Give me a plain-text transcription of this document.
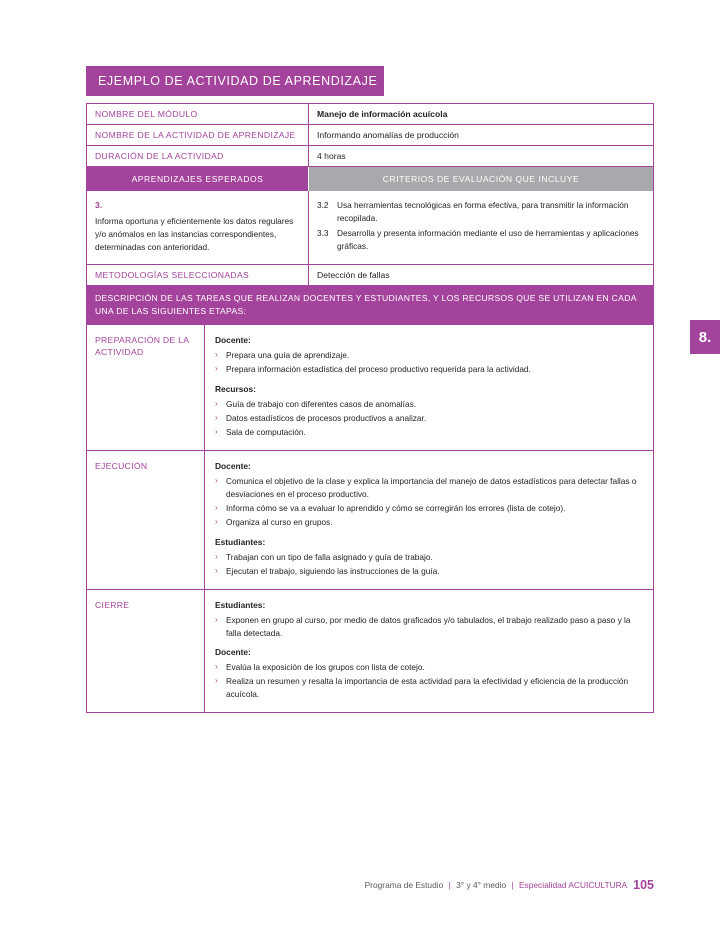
EJEMPLO DE ACTIVIDAD DE APRENDIZAJE
NOMBRE DEL MÓDULO	Manejo de información acuícola
NOMBRE DE LA ACTIVIDAD DE APRENDIZAJE	Informando anomalías de producción
DURACIÓN DE LA ACTIVIDAD	4 horas
APRENDIZAJES ESPERADOS	CRITERIOS DE EVALUACIÓN QUE INCLUYE
3.
Informa oportuna y eficientemente los datos regulares y/o anómalos en las instancias correspondientes, determinadas con anterioridad.
3.2	Usa herramientas tecnológicas en forma efectiva, para transmitir la información recopilada.
3.3	Desarrolla y presenta información mediante el uso de herramientas y aplicaciones gráficas.
METODOLOGÍAS SELECCIONADAS	Detección de fallas
DESCRIPCIÓN DE LAS TAREAS QUE REALIZAN DOCENTES Y ESTUDIANTES, Y LOS RECURSOS QUE SE UTILIZAN EN CADA UNA DE LAS SIGUIENTES ETAPAS:
PREPARACIÓN DE LA ACTIVIDAD
Docente:
›	Prepara una guía de aprendizaje.
›	Prepara información estadística del proceso productivo requerida para la actividad.
Recursos:
›	Guía de trabajo con diferentes casos de anomalías.
›	Datos estadísticos de procesos productivos a analizar.
›	Sala de computación.
EJECUCIÓN	Docente:
›	Comunica el objetivo de la clase y explica la importancia del manejo de datos estadísticos para detectar fallas o desviaciones en el proceso productivo.
›	Informa cómo se va a evaluar lo aprendido y cómo se corregirán los errores (lista de cotejo).
›	Organiza al curso en grupos.
Estudiantes:
›	Trabajan con un tipo de falla asignado y guía de trabajo.
›	Ejecutan el trabajo, siguiendo las instrucciones de la guía.
CIERRE	Estudiantes:
›	Exponen en grupo al curso, por medio de datos graficados y/o tabulados, el trabajo realizado paso a paso y la falla detectada.
Docente:
›	Evalúa la exposición de los grupos con lista de cotejo.
›	Realiza un resumen y resalta la importancia de esta actividad para la efectividad y eficiencia de la producción acuícola.
8.
Programa de Estudio | 3° y 4° medio | Especialidad ACUICULTURA 105
